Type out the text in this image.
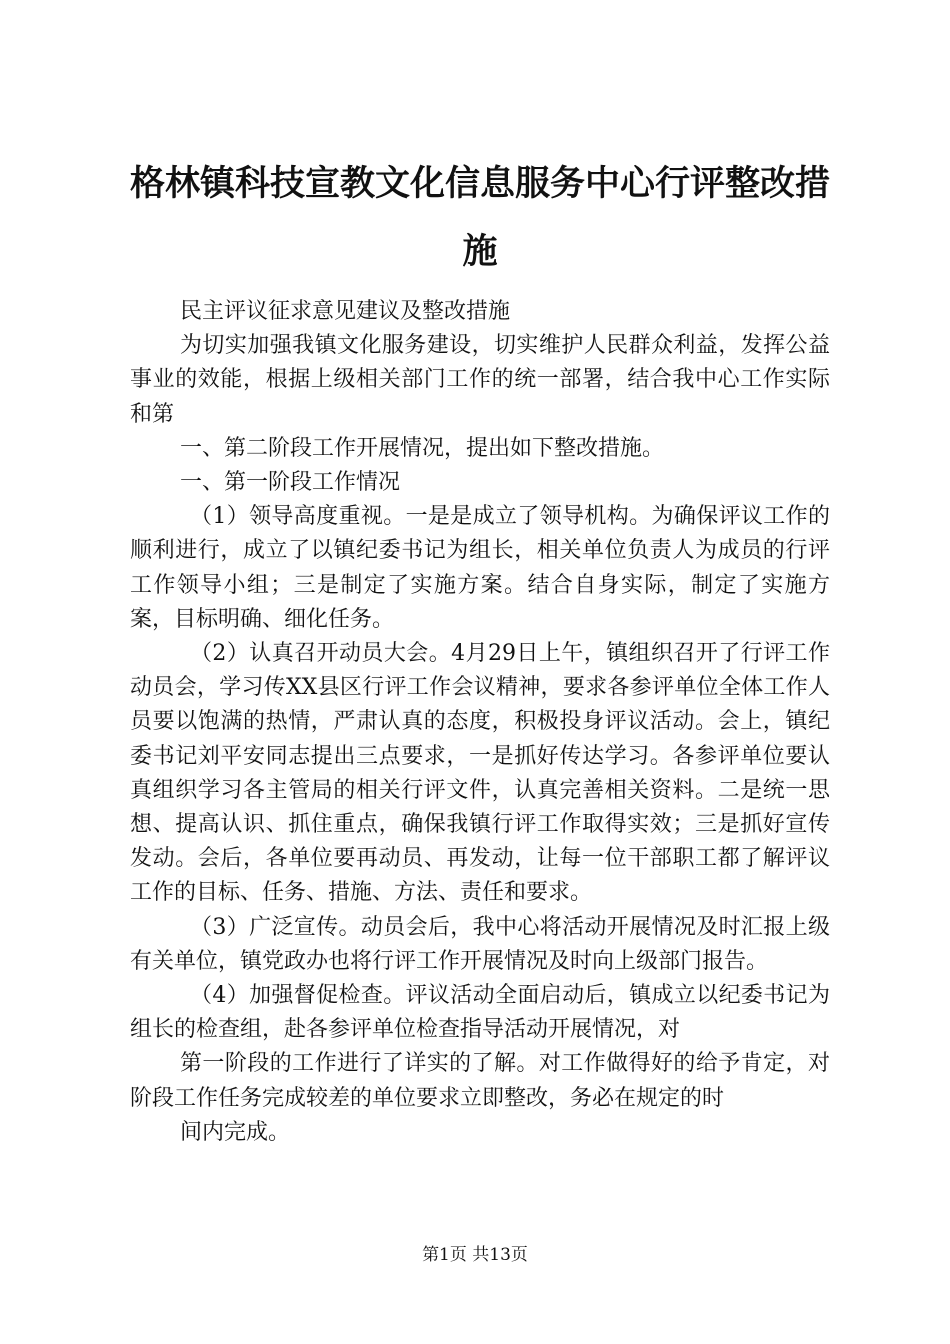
格林镇科技宣教文化信息服务中心行评整改措施

民主评议征求意见建议及整改措施

为切实加强我镇文化服务建设，切实维护人民群众利益，发挥公益事业的效能，根据上级相关部门工作的统一部署，结合我中心工作实际和第

一、第二阶段工作开展情况，提出如下整改措施。

一、第一阶段工作情况

（1）领导高度重视。一是是成立了领导机构。为确保评议工作的顺利进行，成立了以镇纪委书记为组长，相关单位负责人为成员的行评工作领导小组；三是制定了实施方案。结合自身实际，制定了实施方案，目标明确、细化任务。

（2）认真召开动员大会。4月29日上午，镇组织召开了行评工作动员会，学习传XX县区行评工作会议精神，要求各参评单位全体工作人员要以饱满的热情，严肃认真的态度，积极投身评议活动。会上，镇纪委书记刘平安同志提出三点要求，一是抓好传达学习。各参评单位要认真组织学习各主管局的相关行评文件，认真完善相关资料。二是统一思想、提高认识、抓住重点，确保我镇行评工作取得实效；三是抓好宣传发动。会后，各单位要再动员、再发动，让每一位干部职工都了解评议工作的目标、任务、措施、方法、责任和要求。

（3）广泛宣传。动员会后，我中心将活动开展情况及时汇报上级有关单位，镇党政办也将行评工作开展情况及时向上级部门报告。

（4）加强督促检查。评议活动全面启动后，镇成立以纪委书记为组长的检查组，赴各参评单位检查指导活动开展情况，对

第一阶段的工作进行了详实的了解。对工作做得好的给予肯定，对阶段工作任务完成较差的单位要求立即整改，务必在规定的时

间内完成。

第1页 共13页
